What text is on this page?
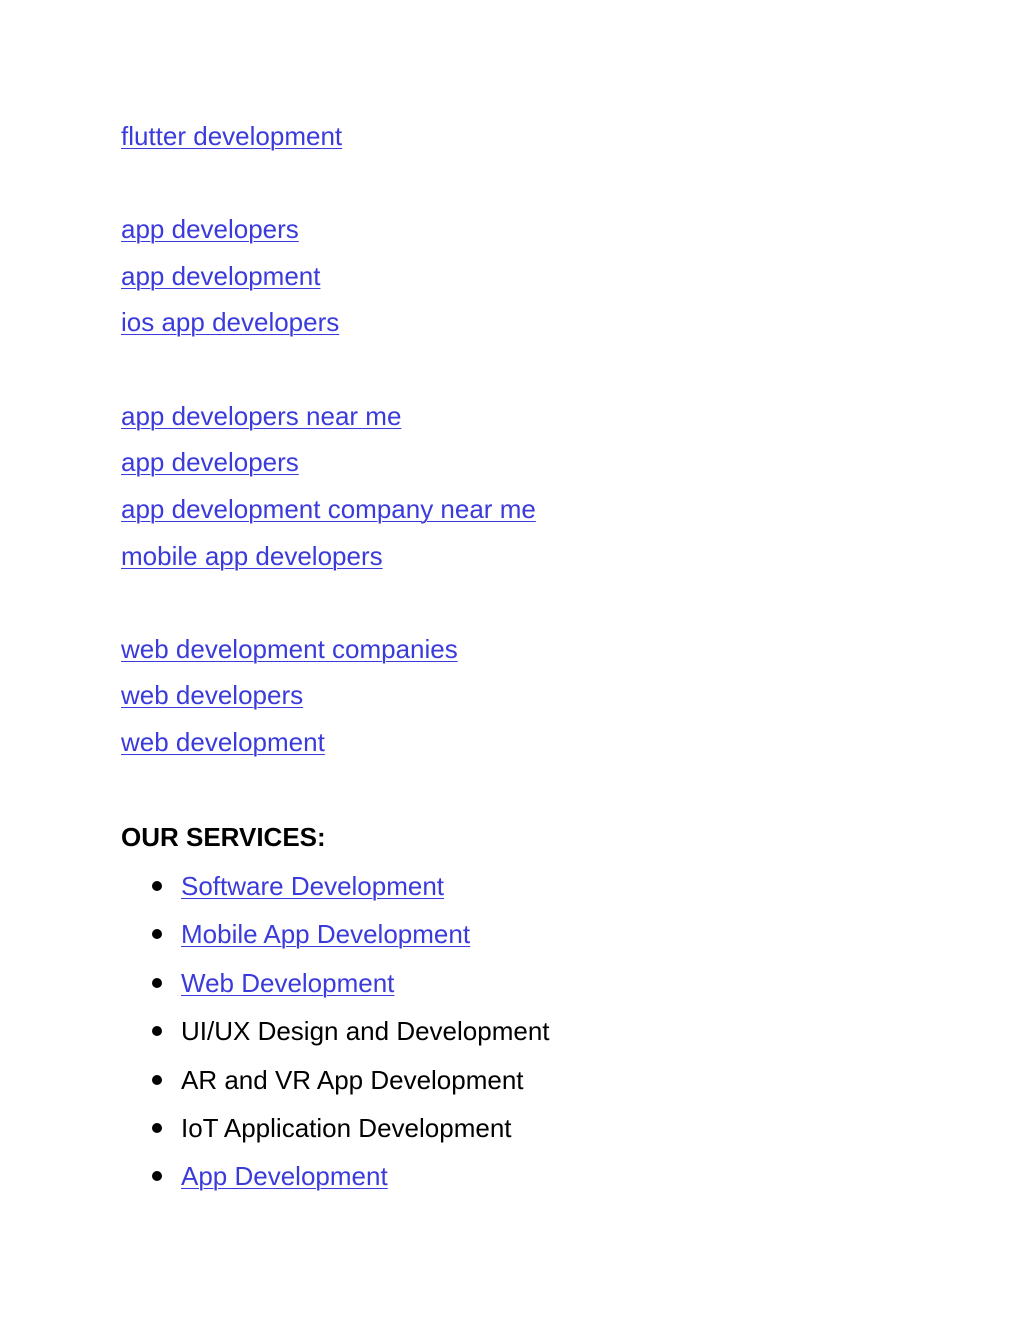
flutter development
app developers
app development
ios app developers
app developers near me
app developers
app development company near me
mobile app developers
web development companies
web developers
web development
OUR SERVICES:
Software Development
Mobile App Development
Web Development
UI/UX Design and Development
AR and VR App Development
IoT Application Development
App Development
